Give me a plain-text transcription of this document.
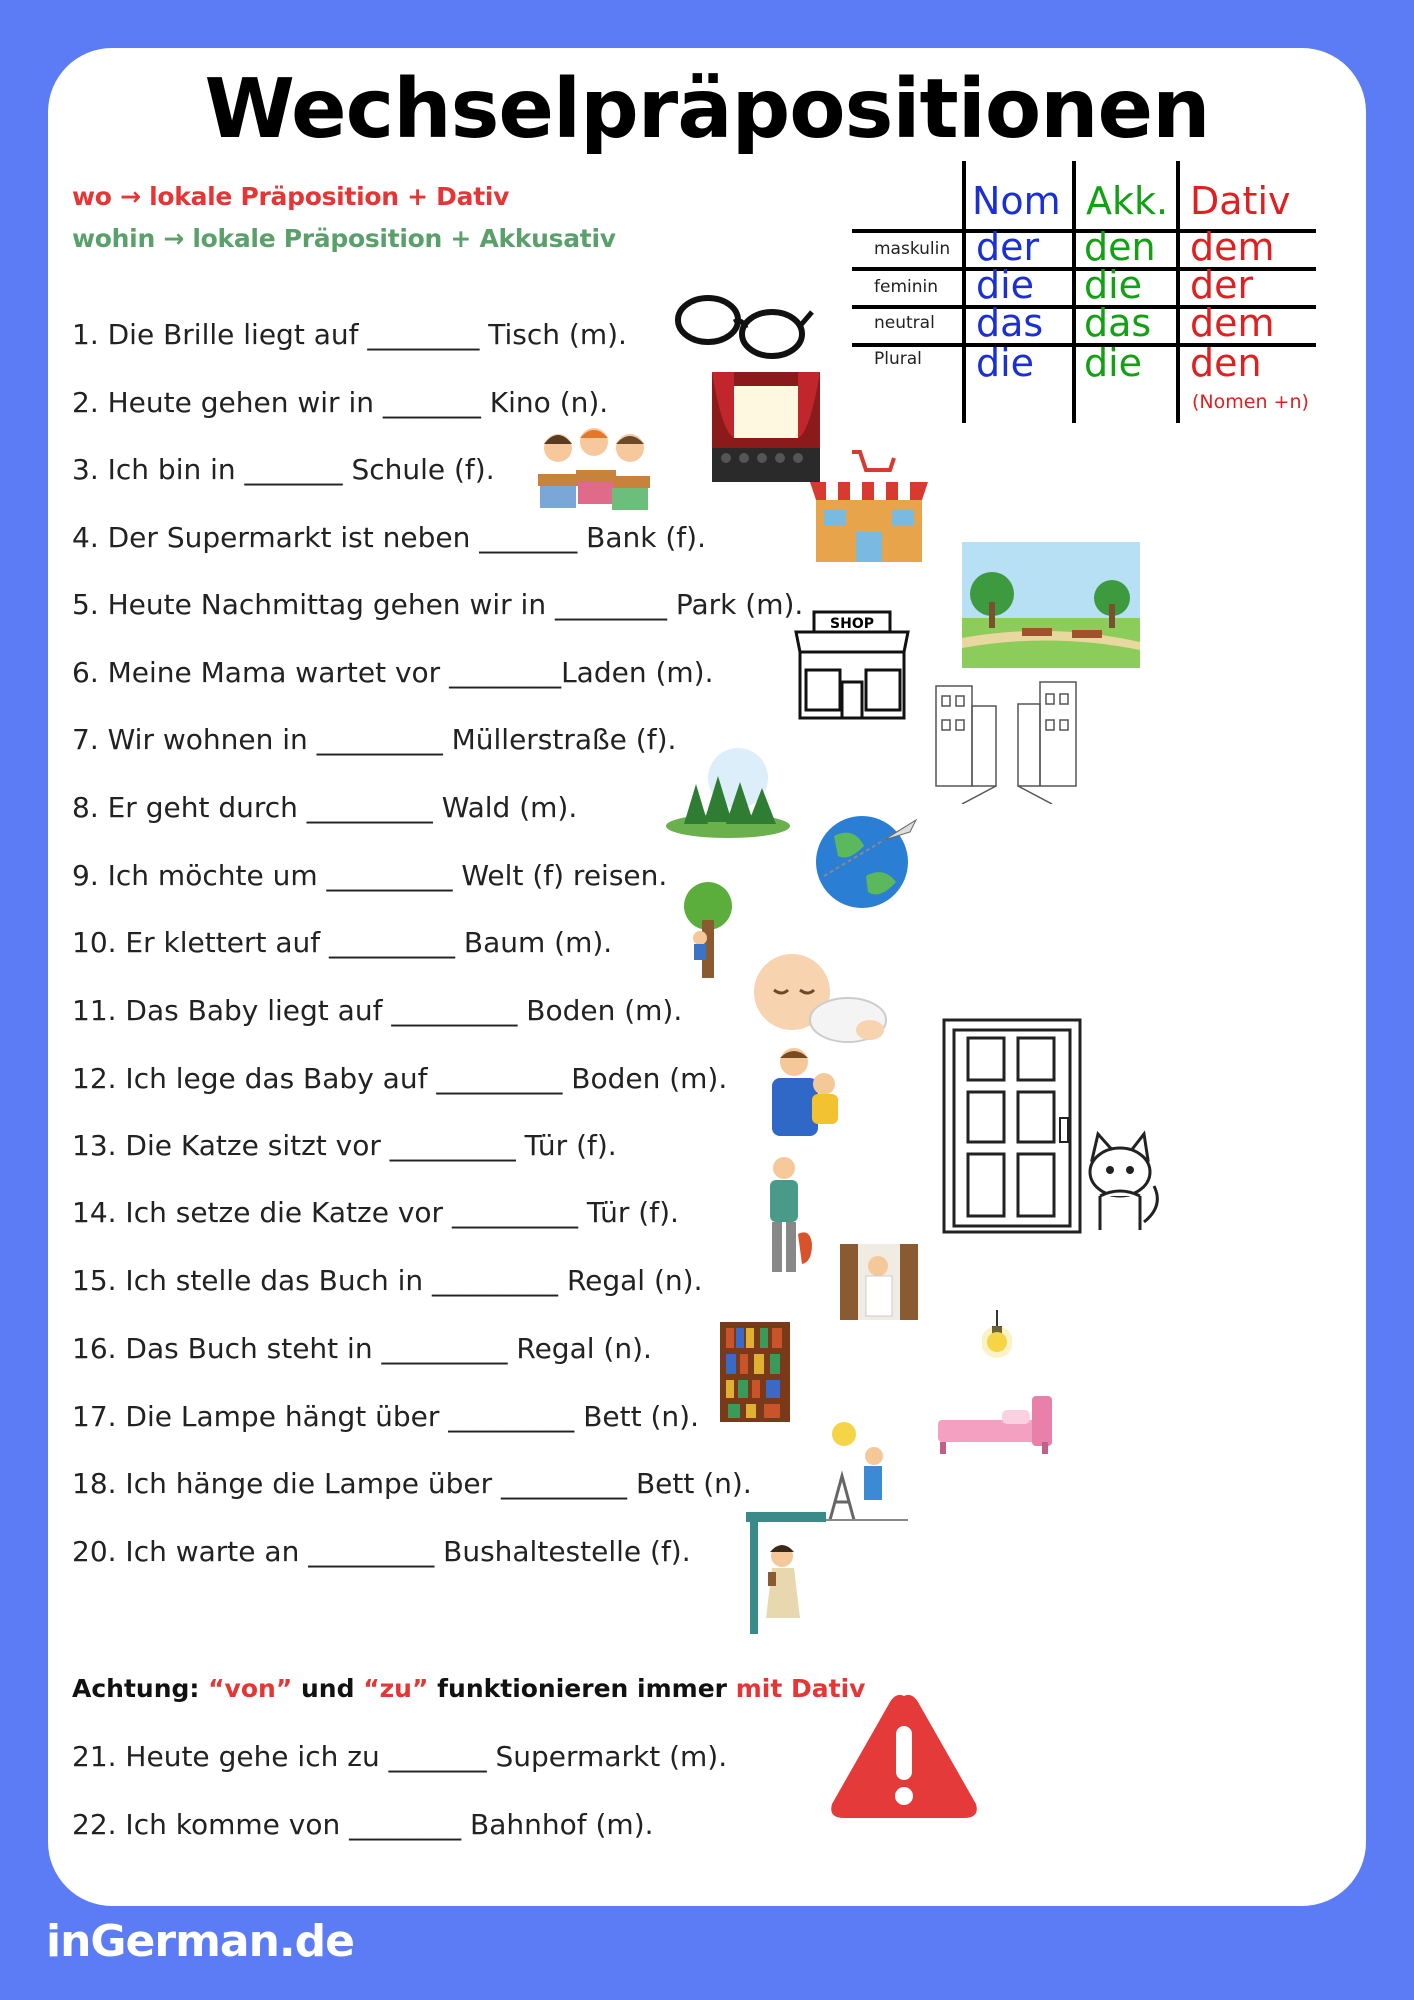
Wechselpräpositionen
wo → lokale Präposition + Dativ
wohin → lokale Präposition + Akkusativ
Nom Akk. Dativ
maskulin der den dem
feminin die die der
neutral das das dem
Plural die die den
(Nomen +n)
1. Die Brille liegt auf ________ Tisch (m).
2. Heute gehen wir in _______ Kino (n).
3. Ich bin in _______ Schule (f).
4. Der Supermarkt ist neben _______ Bank (f).
5. Heute Nachmittag gehen wir in ________ Park (m).
6. Meine Mama wartet vor ________Laden (m).
7. Wir wohnen in _________ Müllerstraße (f).
8. Er geht durch _________ Wald (m).
9. Ich möchte um _________ Welt (f) reisen.
10. Er klettert auf _________ Baum (m).
11. Das Baby liegt auf _________ Boden (m).
12. Ich lege das Baby auf _________ Boden (m).
13. Die Katze sitzt vor _________ Tür (f).
14. Ich setze die Katze vor _________ Tür (f).
15. Ich stelle das Buch in _________ Regal (n).
16. Das Buch steht in _________ Regal (n).
17. Die Lampe hängt über _________ Bett (n).
18. Ich hänge die Lampe über _________ Bett (n).
20. Ich warte an _________ Bushaltestelle (f).
Achtung: “von” und “zu” funktionieren immer mit Dativ
21. Heute gehe ich zu _______ Supermarkt (m).
22. Ich komme von ________ Bahnhof (m).
inGerman.de
SHOP
